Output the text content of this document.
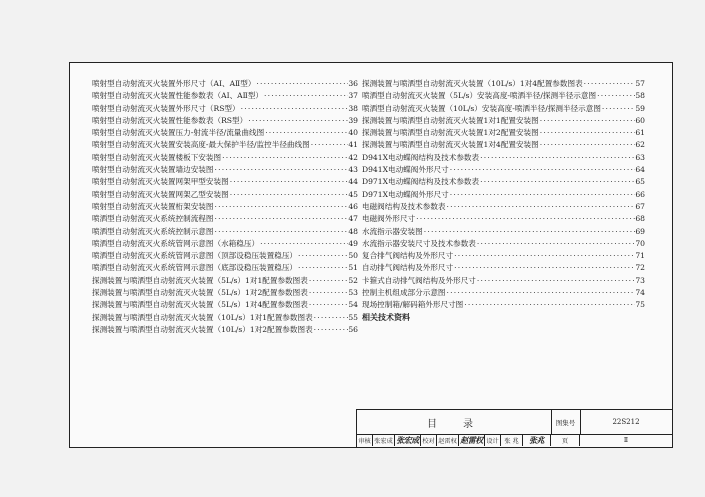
喷射型自动射流灭火装置外形尺寸（AⅠ、AⅡ型） ·····	36
喷射型自动射流灭火装置性能参数表（AⅠ、AⅡ型） ·····	37
喷射型自动射流灭火装置外形尺寸（RS型） ·····	38
喷射型自动射流灭火装置性能参数表（RS型） ·····	39
喷射型自动射流灭火装置压力-射流半径/流量曲线图 ·····	40
喷射型自动射流灭火装置安装高度-最大保护半径/监控半径曲线图 ·····	41
喷射型自动射流灭火装置楼板下安装图 ·····	42
喷射型自动射流灭火装置墙边安装图 ·····	43
喷射型自动射流灭火装置网架甲型安装图 ·····	44
喷射型自动射流灭火装置网架乙型安装图 ·····	45
喷射型自动射流灭火装置桁架安装图 ·····	46
喷洒型自动射流灭火系统控制流程图 ·····	47
喷洒型自动射流灭火系统控制示意图 ·····	48
喷洒型自动射流灭火系统管网示意图（水箱稳压） ·····	49
喷洒型自动射流灭火系统管网示意图（顶部设稳压装置稳压） ·····	50
喷洒型自动射流灭火系统管网示意图（底部设稳压装置稳压） ·····	51
探测装置与喷洒型自动射流灭火装置（5L/s）1对1配置参数图表 ·····	52
探测装置与喷洒型自动射流灭火装置（5L/s）1对2配置参数图表 ·····	53
探测装置与喷洒型自动射流灭火装置（5L/s）1对4配置参数图表 ·····	54
探测装置与喷洒型自动射流灭火装置（10L/s）1对1配置参数图表 ·····	55
探测装置与喷洒型自动射流灭火装置（10L/s）1对2配置参数图表 ·····	56
探测装置与喷洒型自动射流灭火装置（10L/s）1对4配置参数图表 ·····	57
喷洒型自动射流灭火装置（5L/s）安装高度-喷洒半径/探测半径示意图 ·····	58
喷洒型自动射流灭火装置（10L/s）安装高度-喷洒半径/探测半径示意图 ·····	59
探测装置与喷洒型自动射流灭火装置1对1配置安装图 ·····	60
探测装置与喷洒型自动射流灭火装置1对2配置安装图 ·····	61
探测装置与喷洒型自动射流灭火装置1对4配置安装图 ·····	62
D941X电动蝶阀结构及技术参数表 ·····	63
D941X电动蝶阀外形尺寸 ·····	64
D971X电动蝶阀结构及技术参数表 ·····	65
D971X电动蝶阀外形尺寸 ·····	66
电磁阀结构及技术参数表 ·····	67
电磁阀外形尺寸 ·····	68
水流指示器安装图 ·····	69
水流指示器安装尺寸及技术参数表 ·····	70
复合排气阀结构及外形尺寸 ·····	71
自动排气阀结构及外形尺寸 ·····	72
卡箍式自动排气阀结构及外形尺寸 ·····	73
控制主机组成部分示意图 ·····	74
现场控制箱/解码箱外形尺寸图 ·····	75
相关技术资料
目　录	图集号	22S212
审核 张宏成 张宏成 校对 赵雷权 赵雷权 设计 张 兆	张兆	页	Ⅱ
